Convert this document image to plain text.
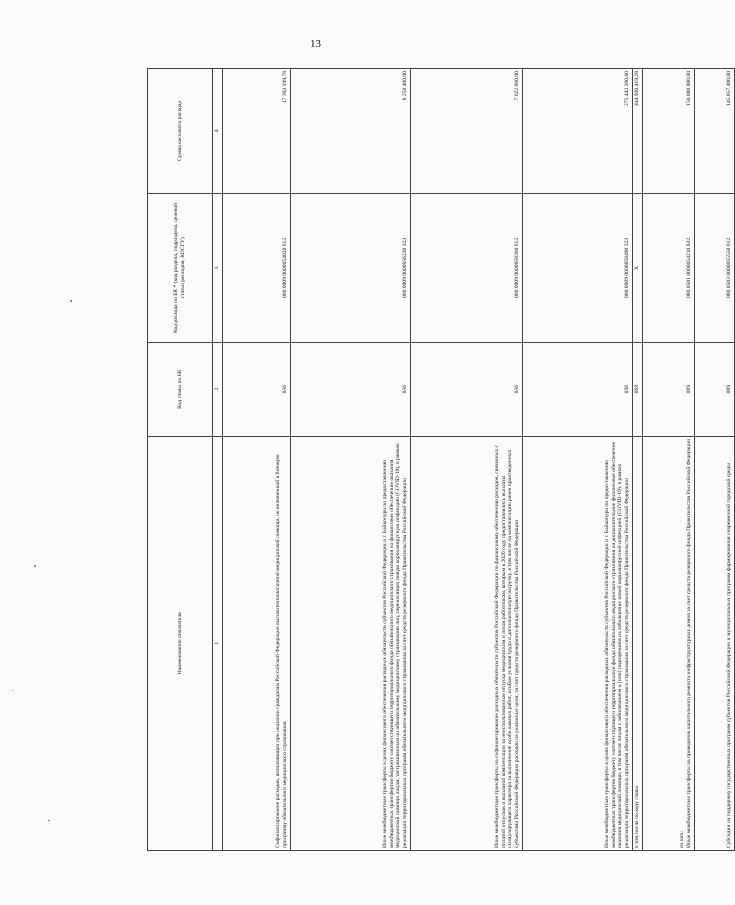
13
Наименование показателя	Код главы по БК	Код расхода по БК * (код раздела, подраздела, целевой статьи расходов, КОСГУ)	Сумма кассового расхода
1	2	3	4
Софинансирование расходов, возникающих при оказании гражданам Российской Федерации высокотехнологичной медицинской помощи, не включенной в базовую программу обязательного медицинского страхования	056	000 0909 0000054020 612	17 393 199,78
Иные межбюджетные трансферты в целях финансового обеспечения расходных обязательств субъектов Российской Федерации и г. Байконура по предоставлению межбюджетных трансфертов бюджету соответствующего территориального фонда обязательного медицинского страхования на финансовое обеспечение оказания медицинской помощи лицам, застрахованным по обязательному медицинскому страхованию лиц, переносящих новую коронавирусную инфекцию (COVID-19), в рамках реализации территориальных программ обязательного медицинского страхования за счет средств резервного фонда Правительства Российской Федерации	056	000 0909 0000056230 323	8 258 400,00
Иные межбюджетные трансферты на софинансирование расходных обязательств субъектов Российской Федерации по финансовому обеспечению расходов, связанных с оплатой отпусков и выплатой компенсации за неиспользованные отпуска медицинским и иным работникам, которым в 2020 году предоставлялись выплаты стимулирующего характера за выполнение особо важных работ, особые условия труда и дополнительную нагрузку, в том числе на компенсацию ранее произведенных субъектами Российской Федерации расходов на указанные цели, за счет средств резервного фонда Правительства Российской Федерации	056	000 0909 0000058360 612	7 622 600,00
Иные межбюджетные трансферты в целях финансового обеспечения расходных обязательств субъектов Российской Федерации и г. Байконура по предоставлению межбюджетных трансфертов бюджету соответствующего территориального фонда обязательного медицинского страхования на дополнительное финансовое обеспечение оказания медицинской помощи, в том числе лицам с заболеванием и (или) подозрением на заболевание новой коронавирусной инфекцией (COVID-19), в рамках реализации территориальных программ обязательного медицинского страхования за счет средств резервного фонда Правительства Российской Федерации	056	000 0909 0000058490 323	275 443 200,00
в том числе по коду главы	069	X	444 930 419,28
из них:
Иные межбюджетные трансферты на проведение капитального ремонта инфраструктурных домов за счет средств резервного фонда Правительства Российской Федерации	069	000 0501 0000054210 632	150 000 000,00
Субсидии на поддержку государственных программ субъектов Российской Федерации и муниципальных программ формирования современной городской среды	069	000 0503 0000055550 612	145 857 400,00
